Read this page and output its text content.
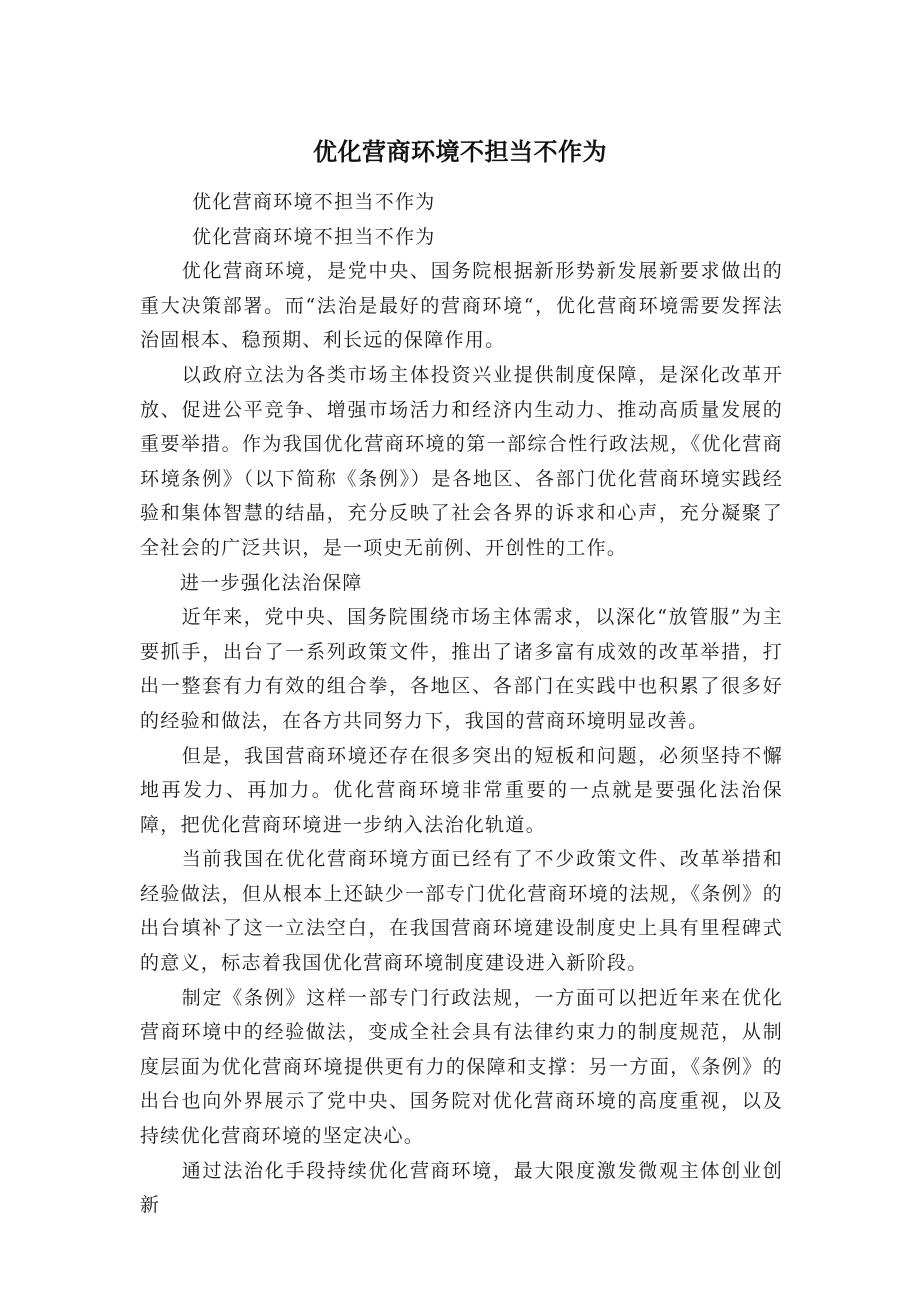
优化营商环境不担当不作为

优化营商环境不担当不作为

优化营商环境不担当不作为

优化营商环境，是党中央、国务院根据新形势新发展新要求做出的重大决策部署。而“法治是最好的营商环境“，优化营商环境需要发挥法治固根本、稳预期、利长远的保障作用。

以政府立法为各类市场主体投资兴业提供制度保障，是深化改革开放、促进公平竞争、增强市场活力和经济内生动力、推动高质量发展的重要举措。作为我国优化营商环境的第一部综合性行政法规，《优化营商环境条例》（以下简称《条例》）是各地区、各部门优化营商环境实践经验和集体智慧的结晶，充分反映了社会各界的诉求和心声，充分凝聚了全社会的广泛共识，是一项史无前例、开创性的工作。

进一步强化法治保障

近年来，党中央、国务院围绕市场主体需求，以深化“放管服”为主要抓手，出台了一系列政策文件，推出了诸多富有成效的改革举措，打出一整套有力有效的组合拳，各地区、各部门在实践中也积累了很多好的经验和做法，在各方共同努力下，我国的营商环境明显改善。

但是，我国营商环境还存在很多突出的短板和问题，必须坚持不懈地再发力、再加力。优化营商环境非常重要的一点就是要强化法治保障，把优化营商环境进一步纳入法治化轨道。

当前我国在优化营商环境方面已经有了不少政策文件、改革举措和经验做法，但从根本上还缺少一部专门优化营商环境的法规，《条例》的出台填补了这一立法空白，在我国营商环境建设制度史上具有里程碑式的意义，标志着我国优化营商环境制度建设进入新阶段。

制定《条例》这样一部专门行政法规，一方面可以把近年来在优化营商环境中的经验做法，变成全社会具有法律约束力的制度规范，从制度层面为优化营商环境提供更有力的保障和支撑：另一方面，《条例》的出台也向外界展示了党中央、国务院对优化营商环境的高度重视，以及持续优化营商环境的坚定决心。

通过法治化手段持续优化营商环境，最大限度激发微观主体创业创新
